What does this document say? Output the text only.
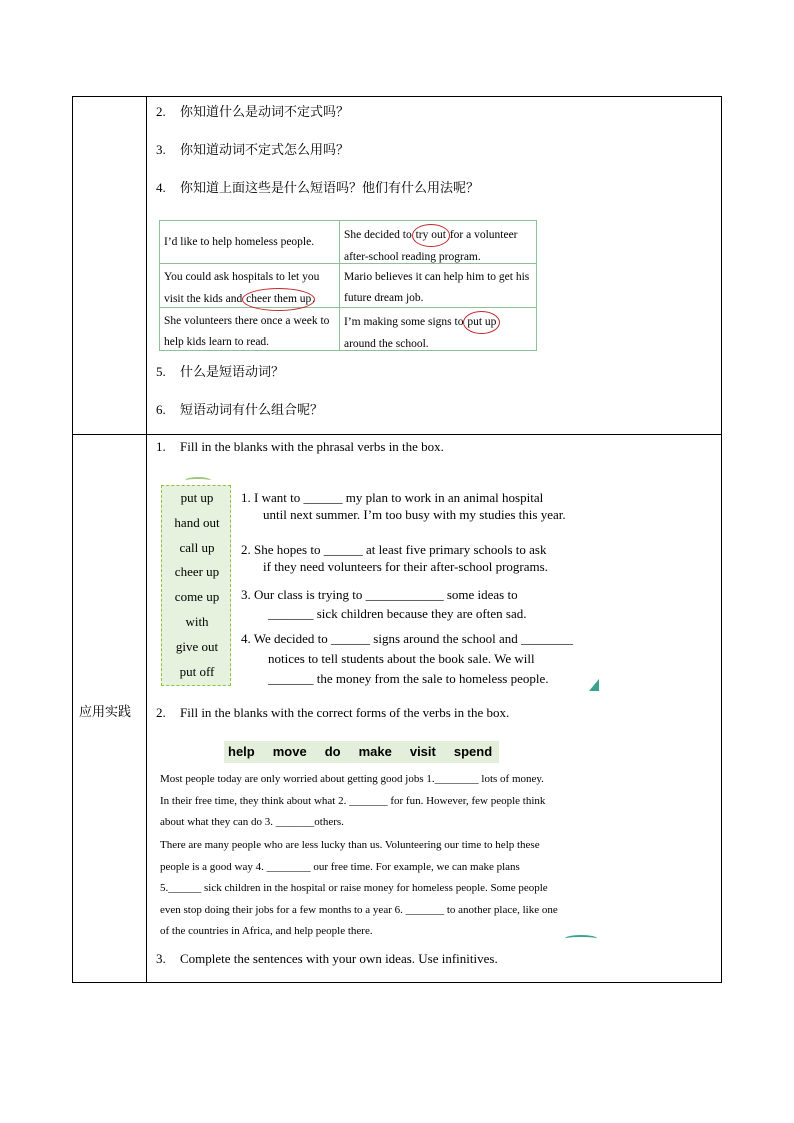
2. 你知道什么是动词不定式吗？
3. 你知道动词不定式怎么用吗？
4. 你知道上面这些是什么短语吗？他们有什么用法呢？
I’d like to help homeless people.
She decided to try out for a volunteer after-school reading program.
You could ask hospitals to let you visit the kids and cheer them up.
Mario believes it can help him to get his future dream job.
She volunteers there once a week to help kids learn to read.
I’m making some signs to put up around the school.
5. 什么是短语动词？
6. 短语动词有什么组合呢？
应用实践
1. Fill in the blanks with the phrasal verbs in the box.
put up
hand out
call up
cheer up
come up
with
give out
put off
1. I want to ______ my plan to work in an animal hospital
until next summer. I’m too busy with my studies this year.
2. She hopes to ______ at least five primary schools to ask
if they need volunteers for their after-school programs.
3. Our class is trying to ____________ some ideas to
_______ sick children because they are often sad.
4. We decided to ______ signs around the school and ________
notices to tell students about the book sale. We will
_______ the money from the sale to homeless people.
2. Fill in the blanks with the correct forms of the verbs in the box.
help move do make visit spend
Most people today are only worried about getting good jobs 1.________ lots of money.
In their free time, they think about what 2. _______ for fun. However, few people think
about what they can do 3. _______others.
There are many people who are less lucky than us. Volunteering our time to help these
people is a good way 4. ________ our free time. For example, we can make plans
5.______ sick children in the hospital or raise money for homeless people. Some people
even stop doing their jobs for a few months to a year 6. _______ to another place, like one
of the countries in Africa, and help people there.
3. Complete the sentences with your own ideas. Use infinitives.
